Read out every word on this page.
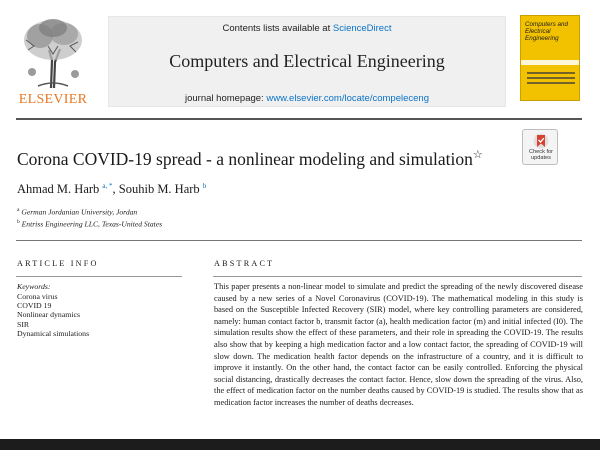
ELSEVIER
Contents lists available at ScienceDirect
Computers and Electrical Engineering
journal homepage: www.elsevier.com/locate/compeleceng
Computers and Electrical Engineering
Corona COVID-19 spread - a nonlinear modeling and simulation☆	Check for
updates
Ahmad M. Harb $^{a, *}$, Souhib M. Harb $^b$
$^a$ German Jordanian University, Jordan
$^b$ Entriss Engineering LLC, Texas-United States
ARTICLE INFO	ABSTRACT
Keywords:
Corona virus
COVID 19
Nonlinear dynamics
SIR
Dynamical simulations
This paper presents a non-linear model to simulate and predict the spreading of the newly discovered disease caused by a new series of a Novel Coronavirus (COVID-19). The mathematical modeling in this study is based on the Susceptible Infected Recovery (SIR) model, where key controlling parameters are considered, namely: human contact factor b, transmit factor (a), health medication factor (m) and initial infected (I0). The simulation results show the effect of these parameters, and their role in spreading the COVID-19. The results also show that by keeping a high medication factor and a low contact factor, the spreading of COVID-19 will slow down. The medication health factor depends on the infrastructure of a country, and it is difficult to improve it instantly. On the other hand, the contact factor can be easily controlled. Enforcing the physical social distancing, drastically decreases the contact factor. Hence, slow down the spreading of the virus. Also, the effect of medication factor on the number deaths caused by COVID-19 is studied. The results show that as medication factor increases the number of deaths decreases.
